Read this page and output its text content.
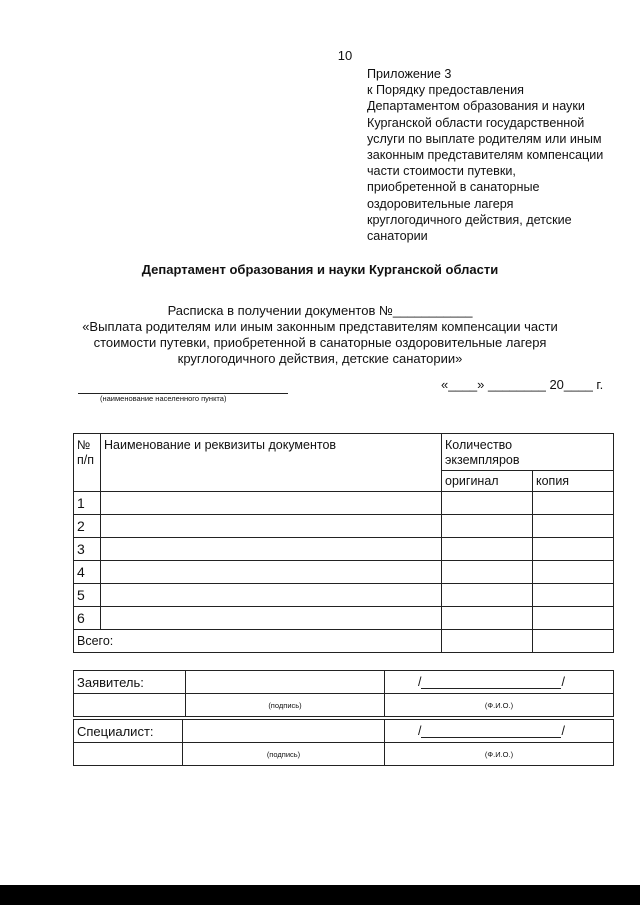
10
Приложение 3
к Порядку предоставления
Департаментом образования и науки
Курганской области государственной
услуги по выплате родителям или иным
законным представителям компенсации
части стоимости путевки,
приобретенной в санаторные
оздоровительные лагеря
круглогодичного действия, детские
санатории
Департамент образования и науки Курганской области
Расписка в получении документов №___________
«Выплата родителям или иным законным представителям компенсации части
стоимости путевки, приобретенной в санаторные оздоровительные лагеря
круглогодичного действия, детские санатории»
(наименование населенного пункта)
«____» ________ 20____ г.
№ п/п	Наименование и реквизиты документов	Количество экземпляров	
		оригинал	копия
1			
2			
3			
4			
5			
6			
Всего:			
Заявитель:		/ /
	(подпись)	(Ф.И.О.)
Специалист:		/ /
	(подпись)	(Ф.И.О.)
